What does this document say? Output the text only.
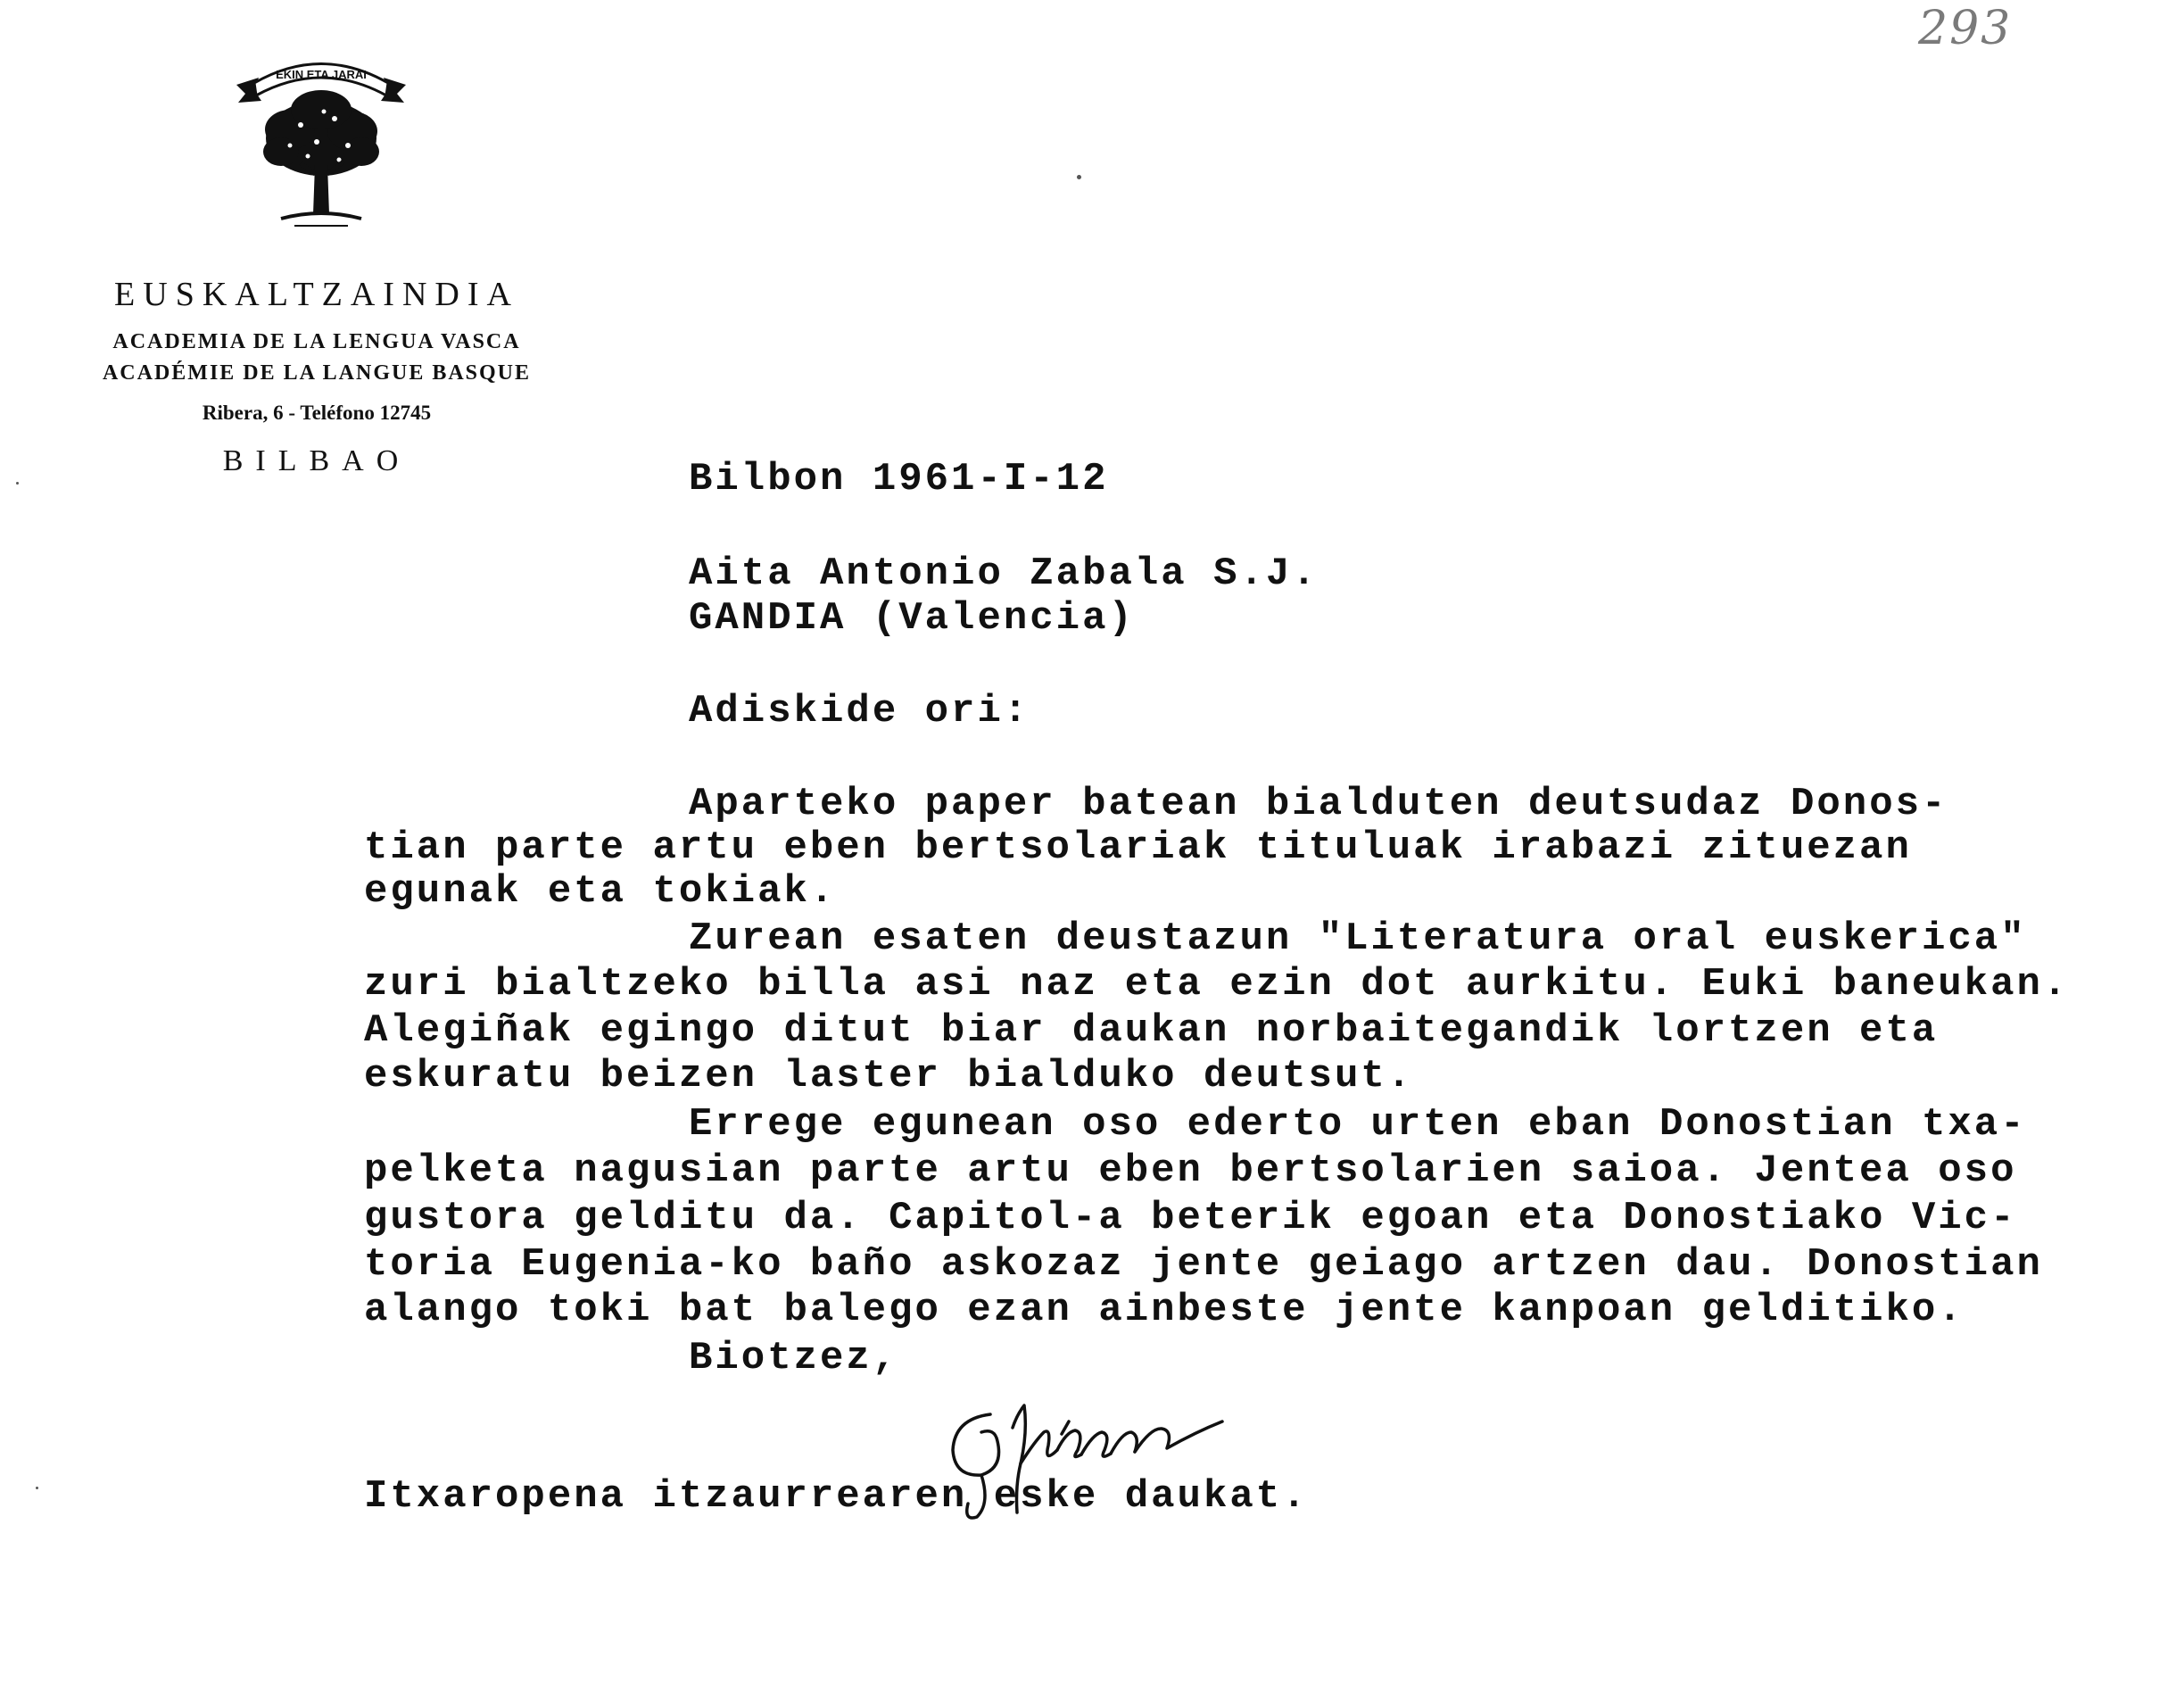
293
EKIN ETA JARAI
EUSKALTZAINDIA
ACADEMIA DE LA LENGUA VASCA
ACADÉMIE DE LA LANGUE BASQUE
Ribera, 6 - Teléfono 12745
BILBAO	Bilbon 1961-I-12
Aita Antonio Zabala S.J.
GANDIA (Valencia)
Adiskide ori:
Aparteko paper batean bialduten deutsudaz Donos-
tian parte artu eben bertsolariak tituluak irabazi zituezan
egunak eta tokiak.
Zurean esaten deustazun "Literatura oral euskerica"
zuri bialtzeko billa asi naz eta ezin dot aurkitu. Euki baneukan.
Alegiñak egingo ditut biar daukan norbaitegandik lortzen eta
eskuratu beizen laster bialduko deutsut.
Errege egunean oso ederto urten eban Donostian txa-
pelketa nagusian parte artu eben bertsolarien saioa. Jentea oso
gustora gelditu da. Capitol-a beterik egoan eta Donostiako Vic-
toria Eugenia-ko baño askozaz jente geiago artzen dau. Donostian
alango toki bat balego ezan ainbeste jente kanpoan gelditiko.
Biotzez,
Itxaropena itzaurrearen eske daukat.
